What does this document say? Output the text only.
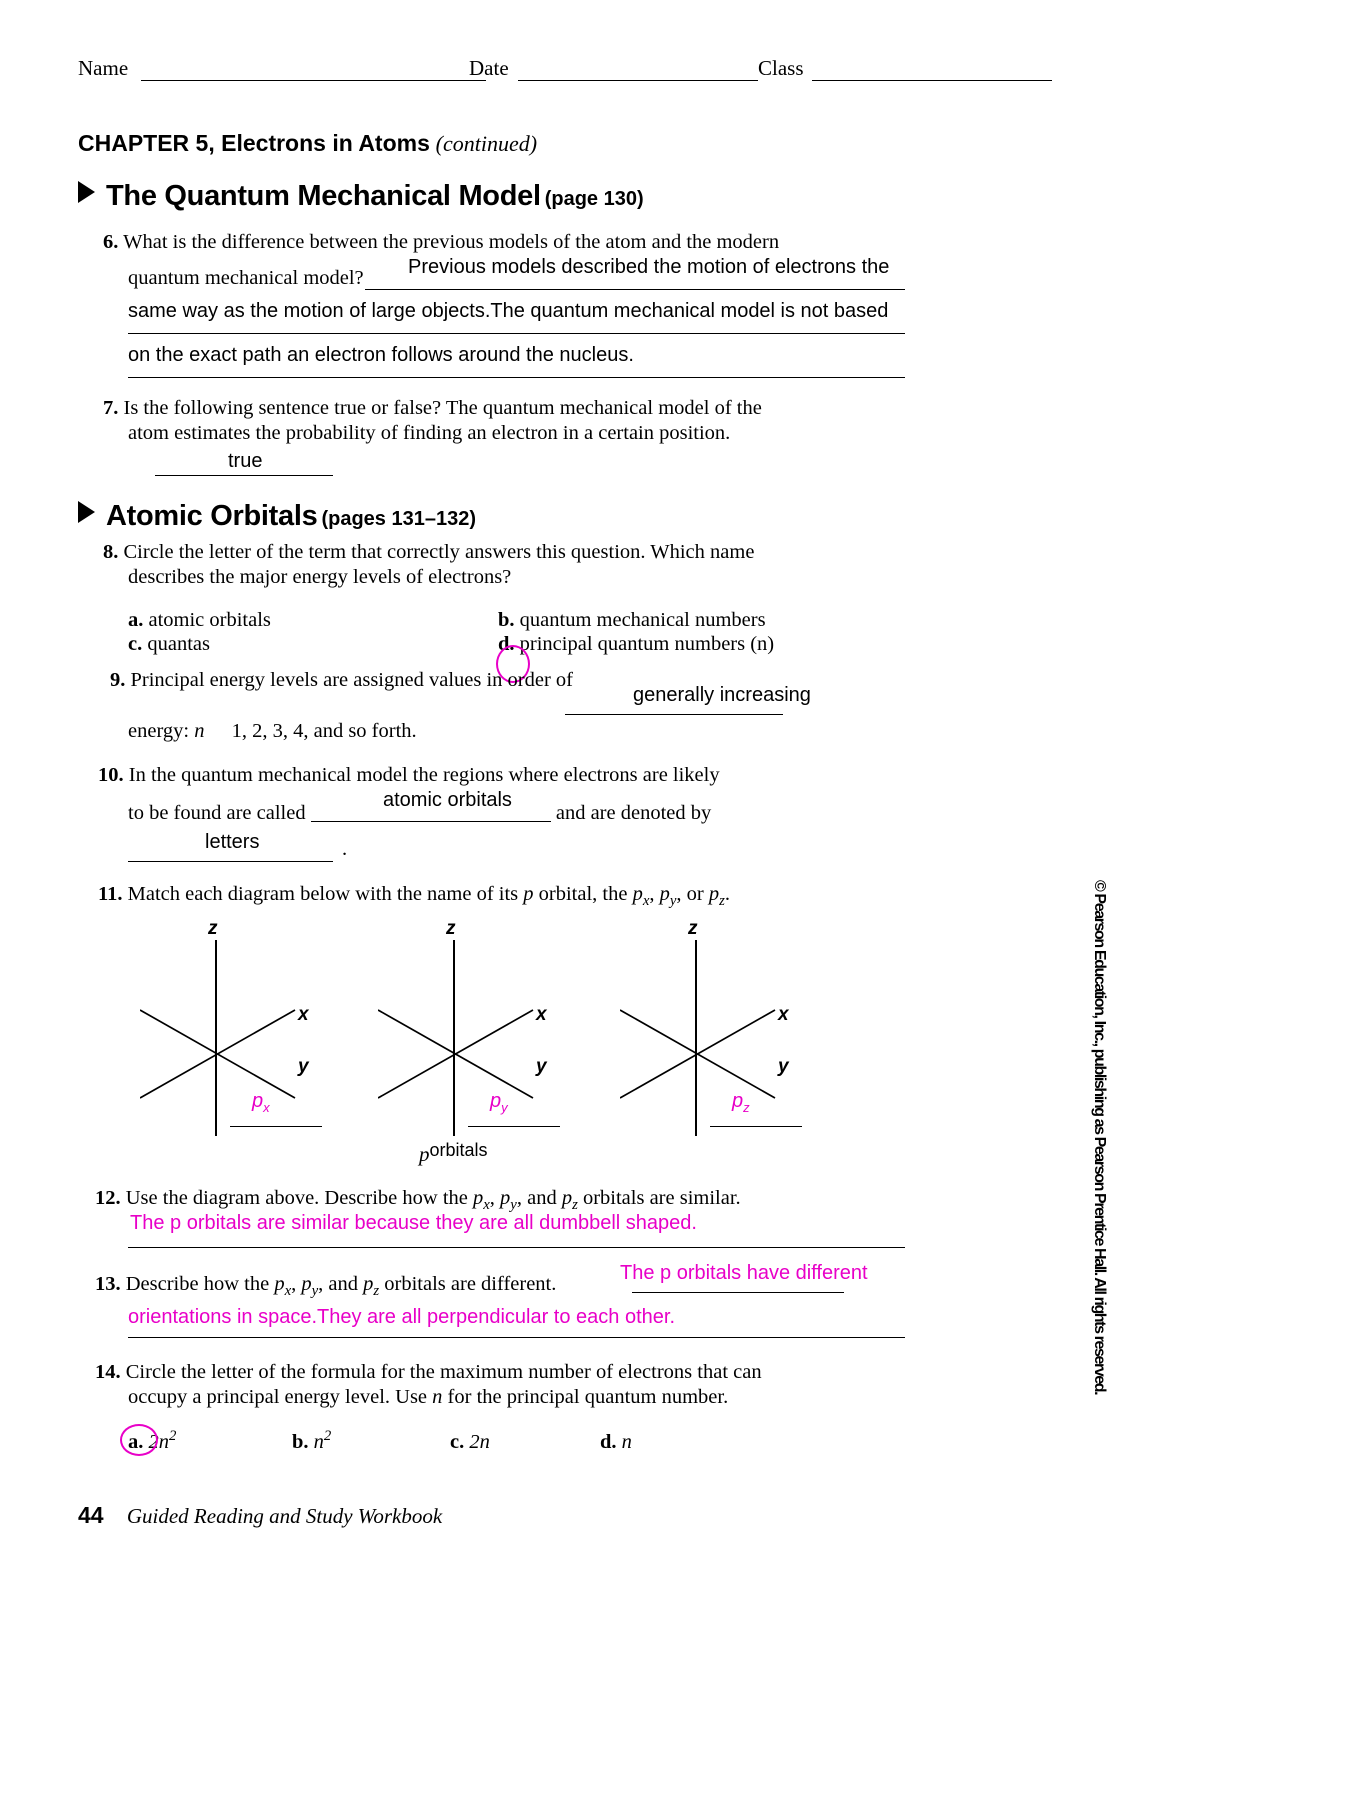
Name	Date	Class
CHAPTER 5, Electrons in Atoms (continued)
The Quantum Mechanical Model (page 130)
6. What is the difference between the previous models of the atom and the modern
quantum mechanical model? Previous models described the motion of electrons the
same way as the motion of large objects.The quantum mechanical model is not based
on the exact path an electron follows around the nucleus.
7. Is the following sentence true or false? The quantum mechanical model of the
atom estimates the probability of finding an electron in a certain position.
true
Atomic Orbitals (pages 131–132)
8. Circle the letter of the term that correctly answers this question. Which name
describes the major energy levels of electrons?
a. atomic orbitals	b. quantum mechanical numbers
c. quantas	d. principal quantum numbers (n)
9. Principal energy levels are assigned values in order of
generally increasing
energy: n 1, 2, 3, 4, and so forth.
10. In the quantum mechanical model the regions where electrons are likely
to be found are called	and are denoted by
atomic orbitals
letters	.
11. Match each diagram below with the name of its p orbital, the $p_x$, $p_y$, or $p_z$.
z
x
y
$p_x$
z
x
y
$p_y$
z
x
y
$p_z$
porbitals
12. Use the diagram above. Describe how the $p_x$, $p_y$, and $p_z$ orbitals are similar.
The p orbitals are similar because they are all dumbbell shaped.
13. Describe how the $p_x$, $p_y$, and $p_z$ orbitals are different.	The p orbitals have different
orientations in space.They are all perpendicular to each other.
14. Circle the letter of the formula for the maximum number of electrons that can
occupy a principal energy level. Use n for the principal quantum number.
a. $2n^2$	b. $n^2$	c. 2n	d. n
© Pearson Education, Inc., publishing as Pearson Prentice Hall. All rights reserved.
44 Guided Reading and Study Workbook
